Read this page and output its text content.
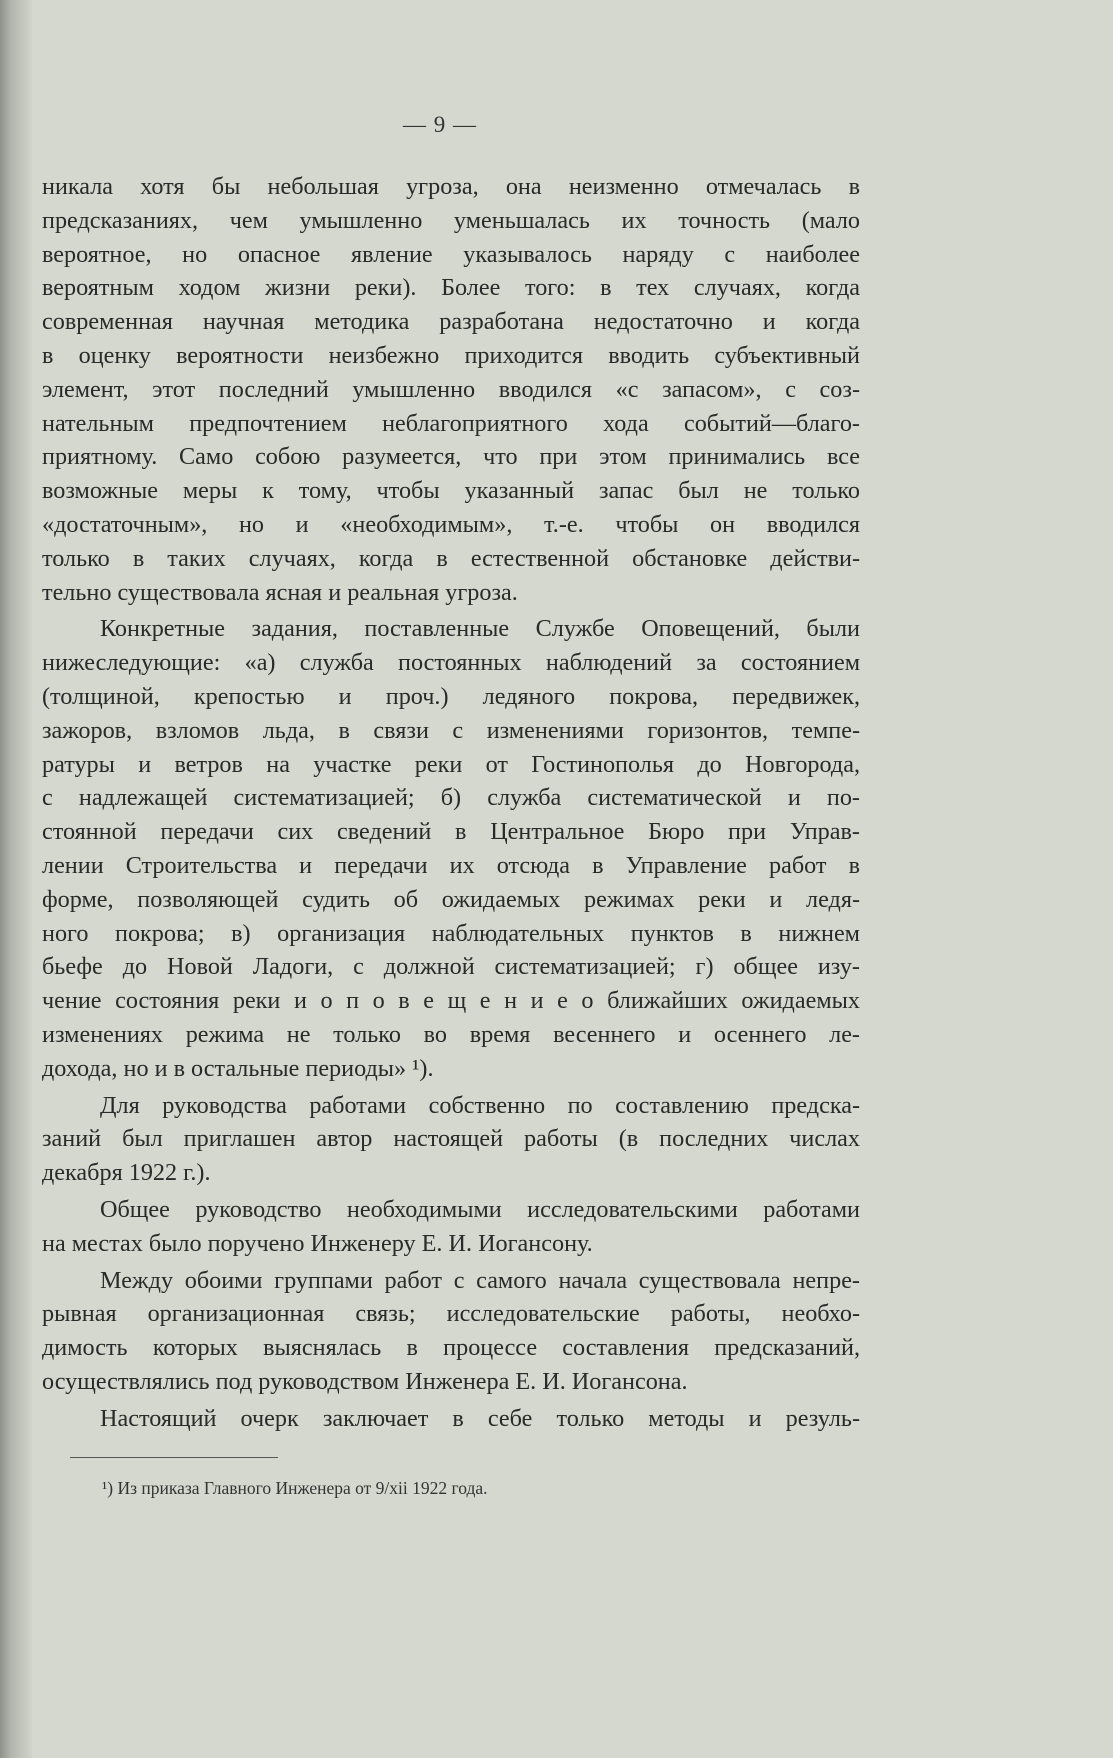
— 9 —
никала хотя бы небольшая угроза, она неизменно отмечалась в
предсказаниях, чем умышленно уменьшалась их точность (мало
вероятное, но опасное явление указывалось наряду с наиболее
вероятным ходом жизни реки). Более того: в тех случаях, когда
современная научная методика разработана недостаточно и когда
в оценку вероятности неизбежно приходится вводить субъективный
элемент, этот последний умышленно вводился «с запасом», с соз-
нательным предпочтением неблагоприятного хода событий—благо-
приятному. Само собою разумеется, что при этом принимались все
возможные меры к тому, чтобы указанный запас был не только
«достаточным», но и «необходимым», т.-е. чтобы он вводился
только в таких случаях, когда в естественной обстановке действи-
тельно существовала ясная и реальная угроза.
Конкретные задания, поставленные Службе Оповещений, были
нижеследующие: «а) служба постоянных наблюдений за состоянием
(толщиной, крепостью и проч.) ледяного покрова, передвижек,
зажоров, взломов льда, в связи с изменениями горизонтов, темпе-
ратуры и ветров на участке реки от Гостинополья до Новгорода,
с надлежащей систематизацией; б) служба систематической и по-
стоянной передачи сих сведений в Центральное Бюро при Управ-
лении Строительства и передачи их отсюда в Управление работ в
форме, позволяющей судить об ожидаемых режимах реки и ледя-
ного покрова; в) организация наблюдательных пунктов в нижнем
бьефе до Новой Ладоги, с должной систематизацией; г) общее изу-
чение состояния реки и о п о в е щ е н и е о ближайших ожидаемых
изменениях режима не только во время весеннего и осеннего ле-
дохода, но и в остальные периоды» ¹).
Для руководства работами собственно по составлению предска-
заний был приглашен автор настоящей работы (в последних числах
декабря 1922 г.).
Общее руководство необходимыми исследовательскими работами
на местах было поручено Инженеру Е. И. Иогансону.
Между обоими группами работ с самого начала существовала непре-
рывная организационная связь; исследовательские работы, необхо-
димость которых выяснялась в процессе составления предсказаний,
осуществлялись под руководством Инженера Е. И. Иогансона.
Настоящий очерк заключает в себе только методы и резуль-
¹) Из приказа Главного Инженера от 9/xii 1922 года.
